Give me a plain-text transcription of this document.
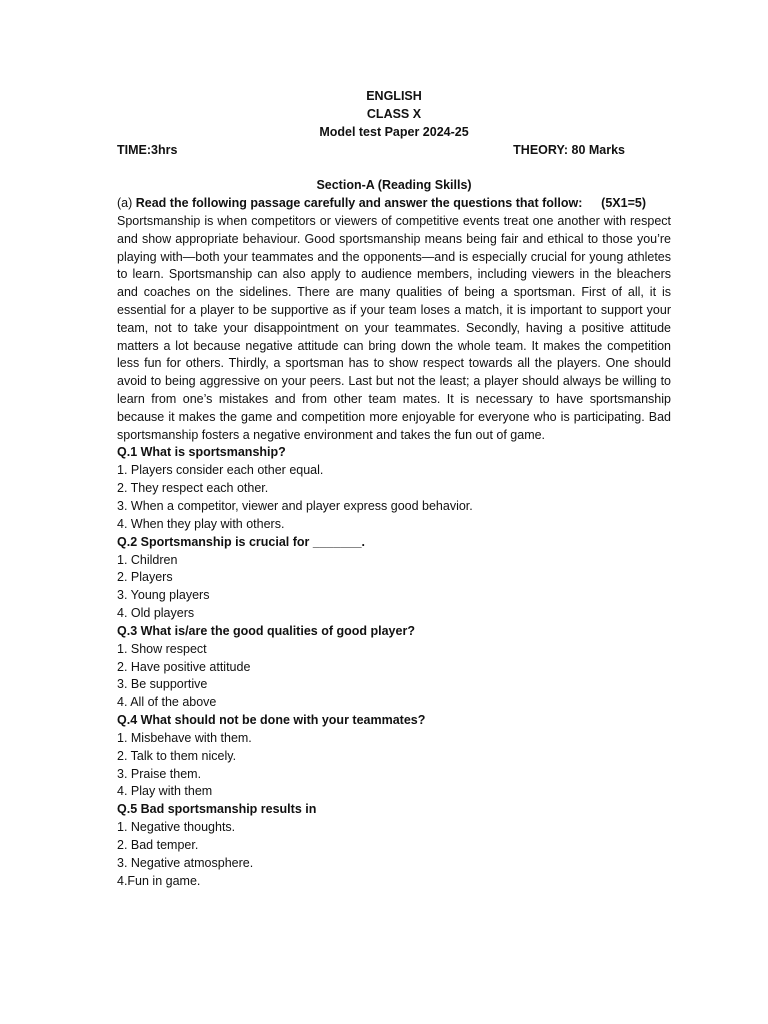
ENGLISH
CLASS X
Model test Paper 2024-25
TIME:3hrs	THEORY: 80 Marks
Section-A (Reading Skills)
(a) Read the following passage carefully and answer the questions that follow: (5X1=5)

Sportsmanship is when competitors or viewers of competitive events treat one another with respect and show appropriate behaviour. Good sportsmanship means being fair and ethical to those you’re playing with—both your teammates and the opponents—and is especially crucial for young athletes to learn. Sportsmanship can also apply to audience members, including viewers in the bleachers and coaches on the sidelines. There are many qualities of being a sportsman. First of all, it is essential for a player to be supportive as if your team loses a match, it is important to support your team, not to take your disappointment on your teammates. Secondly, having a positive attitude matters a lot because negative attitude can bring down the whole team. It makes the competition less fun for others. Thirdly, a sportsman has to show respect towards all the players. One should avoid to being aggressive on your peers. Last but not the least; a player should always be willing to learn from one’s mistakes and from other team mates. It is necessary to have sportsmanship because it makes the game and competition more enjoyable for everyone who is participating. Bad sportsmanship fosters a negative environment and takes the fun out of game.

Q.1 What is sportsmanship?
1. Players consider each other equal.
2. They respect each other.
3. When a competitor, viewer and player express good behavior.
4. When they play with others.
Q.2 Sportsmanship is crucial for _______.
1. Children
2. Players
3. Young players
4. Old players
Q.3 What is/are the good qualities of good player?
1. Show respect
2. Have positive attitude
3. Be supportive
4. All of the above
Q.4 What should not be done with your teammates?
1. Misbehave with them.
2. Talk to them nicely.
3. Praise them.
4. Play with them
Q.5 Bad sportsmanship results in
1. Negative thoughts.
2. Bad temper.
3. Negative atmosphere.
4.Fun in game.
